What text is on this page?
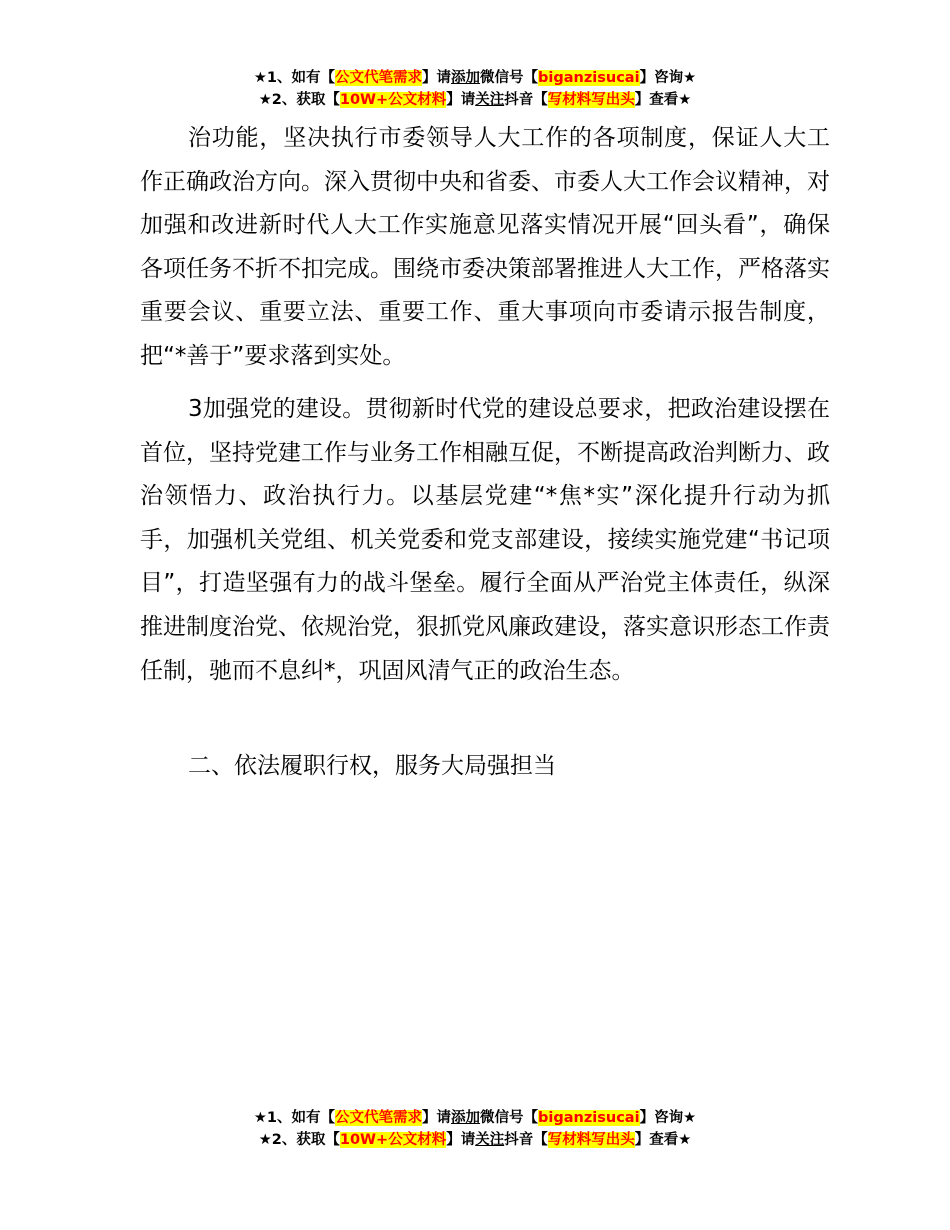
★1、如有【公文代笔需求】请添加微信号【biganzisucai】咨询★
★2、获取【10W+公文材料】请关注抖音【写材料写出头】查看★

治功能，坚决执行市委领导人大工作的各项制度，保证人大工作正确政治方向。深入贯彻中央和省委、市委人大工作会议精神，对加强和改进新时代人大工作实施意见落实情况开展“回头看”，确保各项任务不折不扣完成。围绕市委决策部署推进人大工作，严格落实重要会议、重要立法、重要工作、重大事项向市委请示报告制度，把“*善于”要求落到实处。

3加强党的建设。贯彻新时代党的建设总要求，把政治建设摆在首位，坚持党建工作与业务工作相融互促，不断提高政治判断力、政治领悟力、政治执行力。以基层党建“*焦*实”深化提升行动为抓手，加强机关党组、机关党委和党支部建设，接续实施党建“书记项目”，打造坚强有力的战斗堡垒。履行全面从严治党主体责任，纵深推进制度治党、依规治党，狠抓党风廉政建设，落实意识形态工作责任制，驰而不息纠*，巩固风清气正的政治生态。

二、依法履职行权，服务大局强担当

★1、如有【公文代笔需求】请添加微信号【biganzisucai】咨询★
★2、获取【10W+公文材料】请关注抖音【写材料写出头】查看★
